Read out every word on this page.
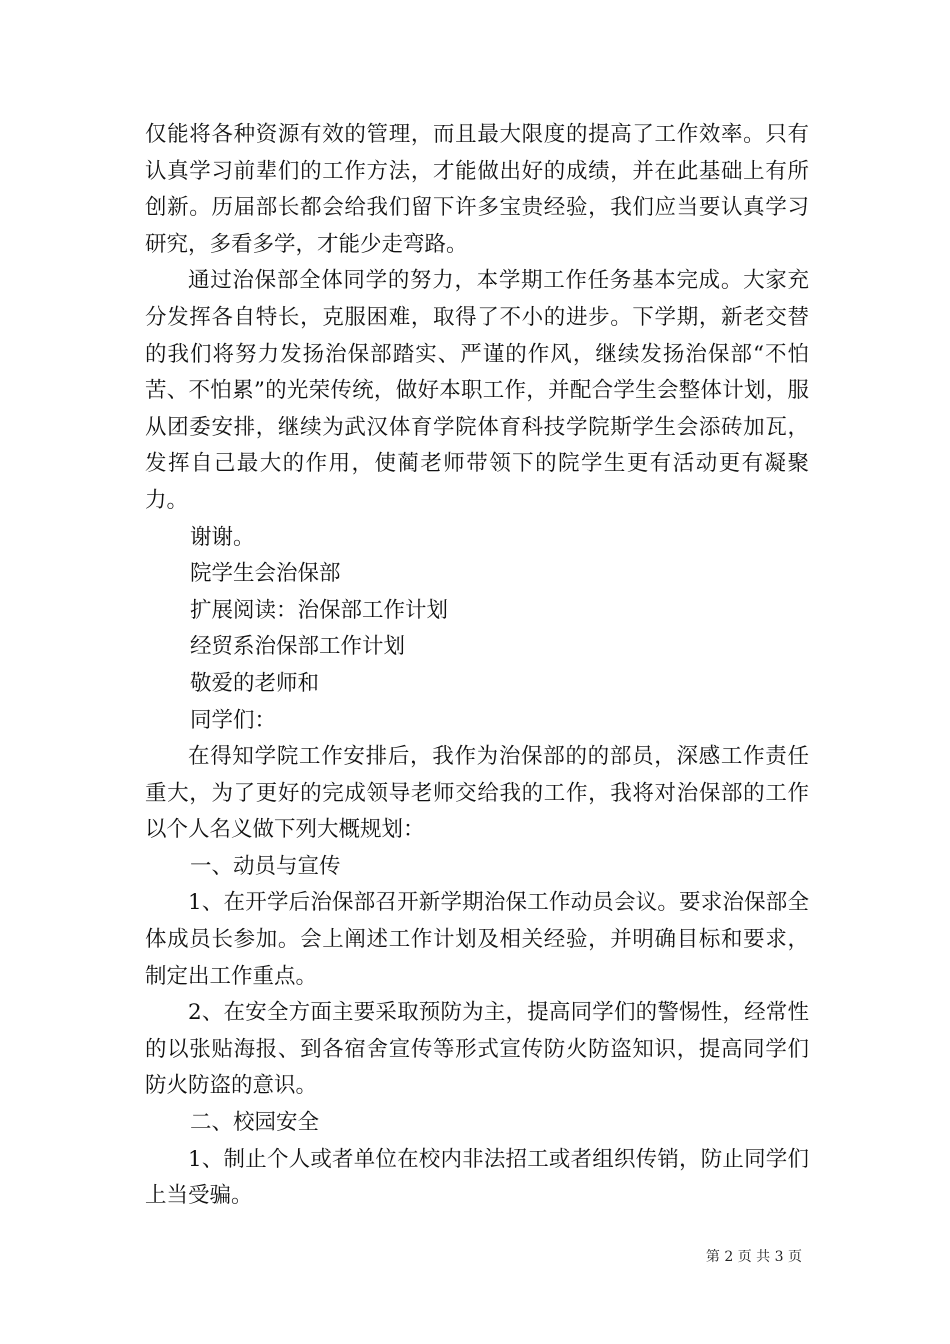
仅能将各种资源有效的管理，而且最大限度的提高了工作效率。只有认真学习前辈们的工作方法，才能做出好的成绩，并在此基础上有所创新。历届部长都会给我们留下许多宝贵经验，我们应当要认真学习研究，多看多学，才能少走弯路。

通过治保部全体同学的努力，本学期工作任务基本完成。大家充分发挥各自特长，克服困难，取得了不小的进步。下学期，新老交替的我们将努力发扬治保部踏实、严谨的作风，继续发扬治保部“不怕苦、不怕累”的光荣传统，做好本职工作，并配合学生会整体计划，服从团委安排，继续为武汉体育学院体育科技学院斯学生会添砖加瓦，发挥自己最大的作用，使蔺老师带领下的院学生更有活动更有凝聚力。

谢谢。

院学生会治保部

扩展阅读：治保部工作计划

经贸系治保部工作计划

敬爱的老师和

同学们：

在得知学院工作安排后，我作为治保部的的部员，深感工作责任重大，为了更好的完成领导老师交给我的工作，我将对治保部的工作以个人名义做下列大概规划：

一、动员与宣传

1、在开学后治保部召开新学期治保工作动员会议。要求治保部全体成员长参加。会上阐述工作计划及相关经验，并明确目标和要求，制定出工作重点。

2、在安全方面主要采取预防为主，提高同学们的警惕性，经常性的以张贴海报、到各宿舍宣传等形式宣传防火防盗知识，提高同学们防火防盗的意识。

二、校园安全

1、制止个人或者单位在校内非法招工或者组织传销，防止同学们上当受骗。

第 2 页 共 3 页
